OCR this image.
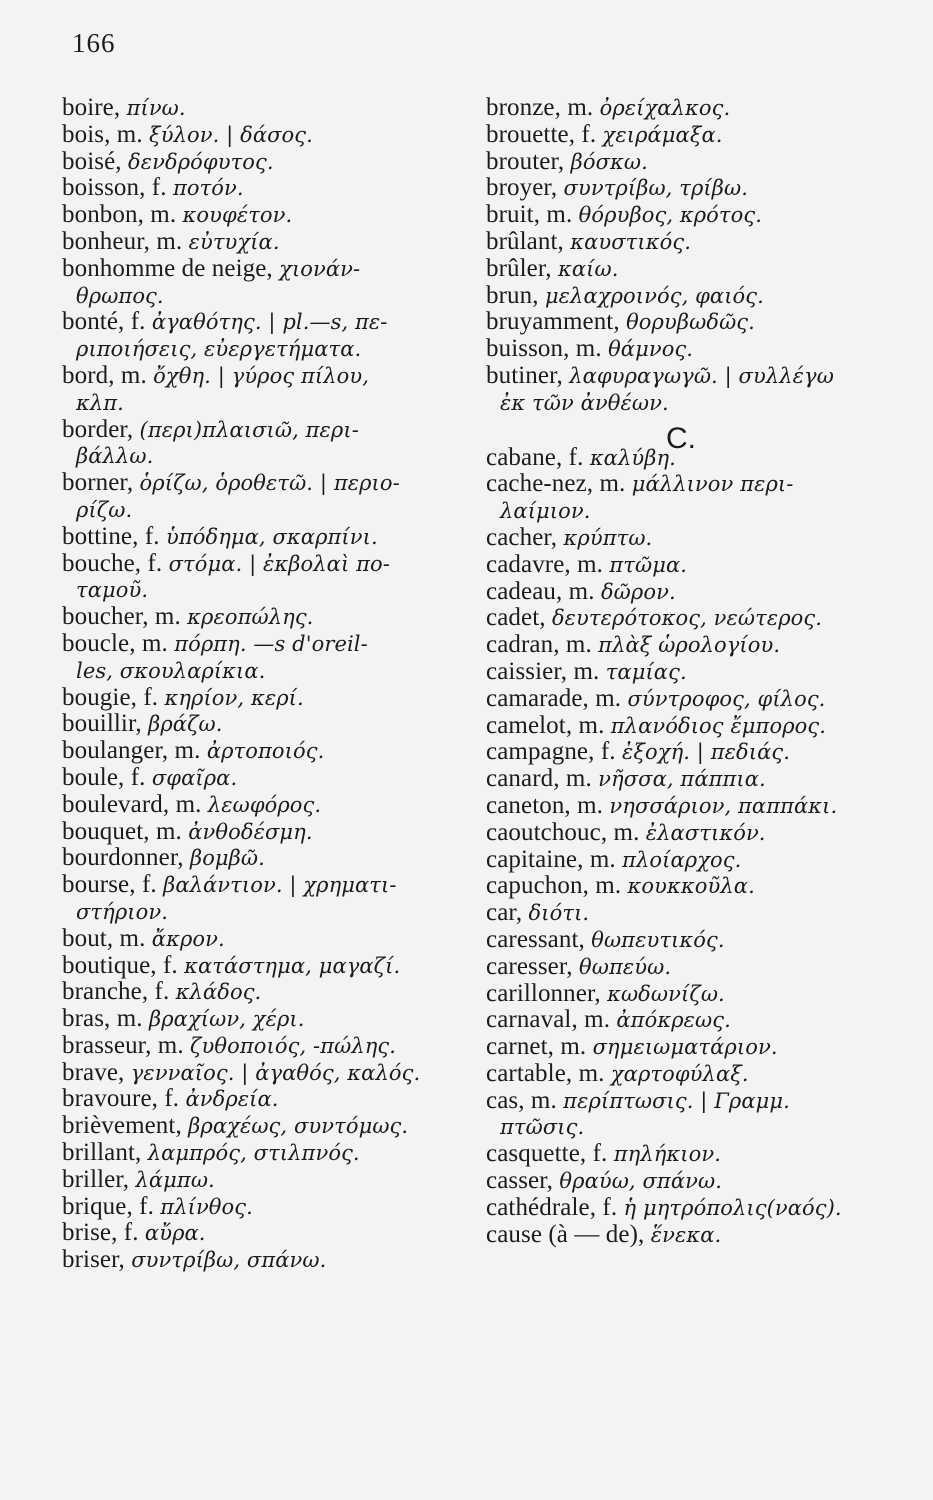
166
boire, πίνω.
bois, m. ξύλον. | δάσος.
boisé, δενδρόφυτος.
boisson, f. ποτόν.
bonbon, m. κουφέτον.
bonheur, m. εὐτυχία.
bonhomme de neige, χιονάν-
θρωπος.
bonté, f. ἀγαθότης. | pl.—s, πε-
ριποιήσεις, εὐεργετήματα.
bord, m. ὄχθη. | γύρος πίλου,
κλπ.
border, (περι)πλαισιῶ, περι-
βάλλω.
borner, ὁρίζω, ὁροθετῶ. | περιο-
ρίζω.
bottine, f. ὑπόδημα, σκαρπίνι.
bouche, f. στόμα. | ἐκβολαὶ πο-
ταμοῦ.
boucher, m. κρεοπώλης.
boucle, m. πόρπη. —s d'oreil-
les, σκουλαρίκια.
bougie, f. κηρίον, κερί.
bouillir, βράζω.
boulanger, m. ἀρτοποιός.
boule, f. σφαῖρα.
boulevard, m. λεωφόρος.
bouquet, m. ἀνθοδέσμη.
bourdonner, βομβῶ.
bourse, f. βαλάντιον. | χρηματι-
στήριον.
bout, m. ἄκρον.
boutique, f. κατάστημα, μαγαζί.
branche, f. κλάδος.
bras, m. βραχίων, χέρι.
brasseur, m. ζυθοποιός, -πώλης.
brave, γενναῖος. | ἀγαθός, καλός.
bravoure, f. ἀνδρεία.
brièvement, βραχέως, συντόμως.
brillant, λαμπρός, στιλπνός.
briller, λάμπω.
brique, f. πλίνθος.
brise, f. αὔρα.
briser, συντρίβω, σπάνω.
bronze, m. ὀρείχαλκος.
brouette, f. χειράμαξα.
brouter, βόσκω.
broyer, συντρίβω, τρίβω.
bruit, m. θόρυβος, κρότος.
brûlant, καυστικός.
brûler, καίω.
brun, μελαχροινός, φαιός.
bruyamment, θορυβωδῶς.
buisson, m. θάμνος.
butiner, λαφυραγωγῶ. | συλλέγω
ἐκ τῶν ἀνθέων.
C.
cabane, f. καλύβη.
cache-nez, m. μάλλινον περι-
λαίμιον.
cacher, κρύπτω.
cadavre, m. πτῶμα.
cadeau, m. δῶρον.
cadet, δευτερότοκος, νεώτερος.
cadran, m. πλὰξ ὡρολογίου.
caissier, m. ταμίας.
camarade, m. σύντροφος, φίλος.
camelot, m. πλανόδιος ἔμπορος.
campagne, f. ἐξοχή. | πεδιάς.
canard, m. νῆσσα, πάππια.
caneton, m. νησσάριον, παππάκι.
caoutchouc, m. ἐλαστικόν.
capitaine, m. πλοίαρχος.
capuchon, m. κουκκοῦλα.
car, διότι.
caressant, θωπευτικός.
caresser, θωπεύω.
carillonner, κωδωνίζω.
carnaval, m. ἀπόκρεως.
carnet, m. σημειωματάριον.
cartable, m. χαρτοφύλαξ.
cas, m. περίπτωσις. | Γραμμ.
πτῶσις.
casquette, f. πηλήκιον.
casser, θραύω, σπάνω.
cathédrale, f. ἡ μητρόπολις(ναός).
cause (à — de), ἕνεκα.
